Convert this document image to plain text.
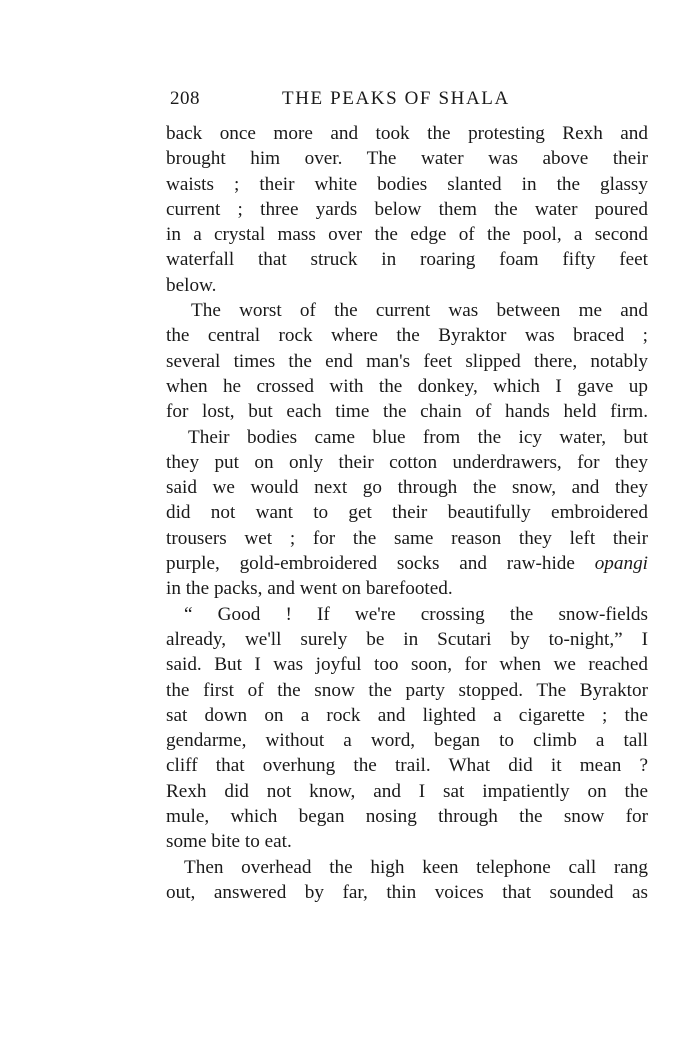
208	THE PEAKS OF SHALA
back once more and took the protesting Rexh and
brought him over. The water was above their
waists ; their white bodies slanted in the glassy
current ; three yards below them the water poured
in a crystal mass over the edge of the pool, a second
waterfall that struck in roaring foam fifty feet
below.
The worst of the current was between me and
the central rock where the Byraktor was braced ;
several times the end man's feet slipped there, notably
when he crossed with the donkey, which I gave up
for lost, but each time the chain of hands held firm.
Their bodies came blue from the icy water, but
they put on only their cotton underdrawers, for they
said we would next go through the snow, and they
did not want to get their beautifully embroidered
trousers wet ; for the same reason they left their
purple, gold-embroidered socks and raw-hide opangi
in the packs, and went on barefooted.
“ Good ! If we're crossing the snow-fields
already, we'll surely be in Scutari by to-night,” I
said. But I was joyful too soon, for when we reached
the first of the snow the party stopped. The Byraktor
sat down on a rock and lighted a cigarette ; the
gendarme, without a word, began to climb a tall
cliff that overhung the trail. What did it mean ?
Rexh did not know, and I sat impatiently on the
mule, which began nosing through the snow for
some bite to eat.
Then overhead the high keen telephone call rang
out, answered by far, thin voices that sounded as
